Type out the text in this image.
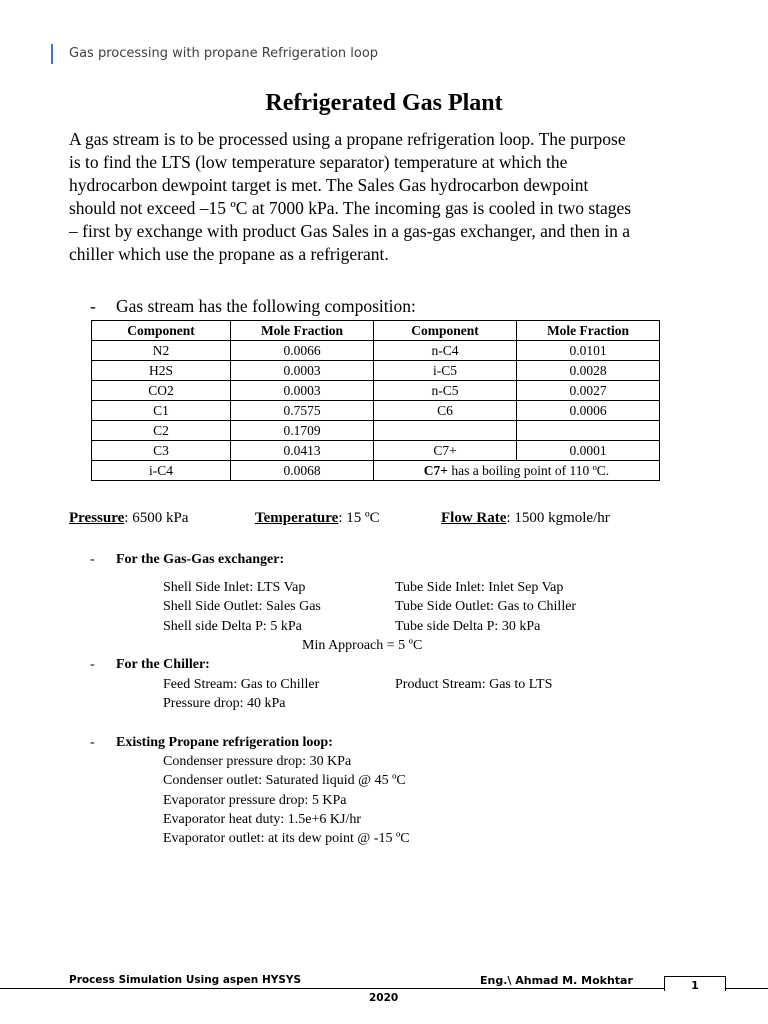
Gas processing with propane Refrigeration loop
Refrigerated Gas Plant
A gas stream is to be processed using a propane refrigeration loop. The purpose
is to find the LTS (low temperature separator) temperature at which the
hydrocarbon dewpoint target is met. The Sales Gas hydrocarbon dewpoint
should not exceed –15 ºC at 7000 kPa. The incoming gas is cooled in two stages
– first by exchange with product Gas Sales in a gas-gas exchanger, and then in a
chiller which use the propane as a refrigerant.
- Gas stream has the following composition:
Component	Mole Fraction	Component	Mole Fraction
N2	0.0066	n-C4	0.0101
H2S	0.0003	i-C5	0.0028
CO2	0.0003	n-C5	0.0027
C1	0.7575	C6	0.0006
C2	0.1709		
C3	0.0413	C7+	0.0001
i-C4	0.0068	C7+ has a boiling point of 110 ºC.	
Pressure: 6500 kPa	Temperature: 15 ºC	Flow Rate: 1500 kgmole/hr
- For the Gas-Gas exchanger:
Shell Side Inlet: LTS Vap	Tube Side Inlet: Inlet Sep Vap
Shell Side Outlet: Sales Gas	Tube Side Outlet: Gas to Chiller
Shell side Delta P: 5 kPa	Tube side Delta P: 30 kPa
Min Approach = 5 ºC
- For the Chiller:
Feed Stream: Gas to Chiller	Product Stream: Gas to LTS
Pressure drop: 40 kPa
- Existing Propane refrigeration loop:
Condenser pressure drop: 30 KPa
Condenser outlet: Saturated liquid @ 45 ºC
Evaporator pressure drop: 5 KPa
Evaporator heat duty: 1.5e+6 KJ/hr
Evaporator outlet: at its dew point @ -15 ºC
Process Simulation Using aspen HYSYS	Eng.\ Ahmad M. Mokhtar	1
2020
